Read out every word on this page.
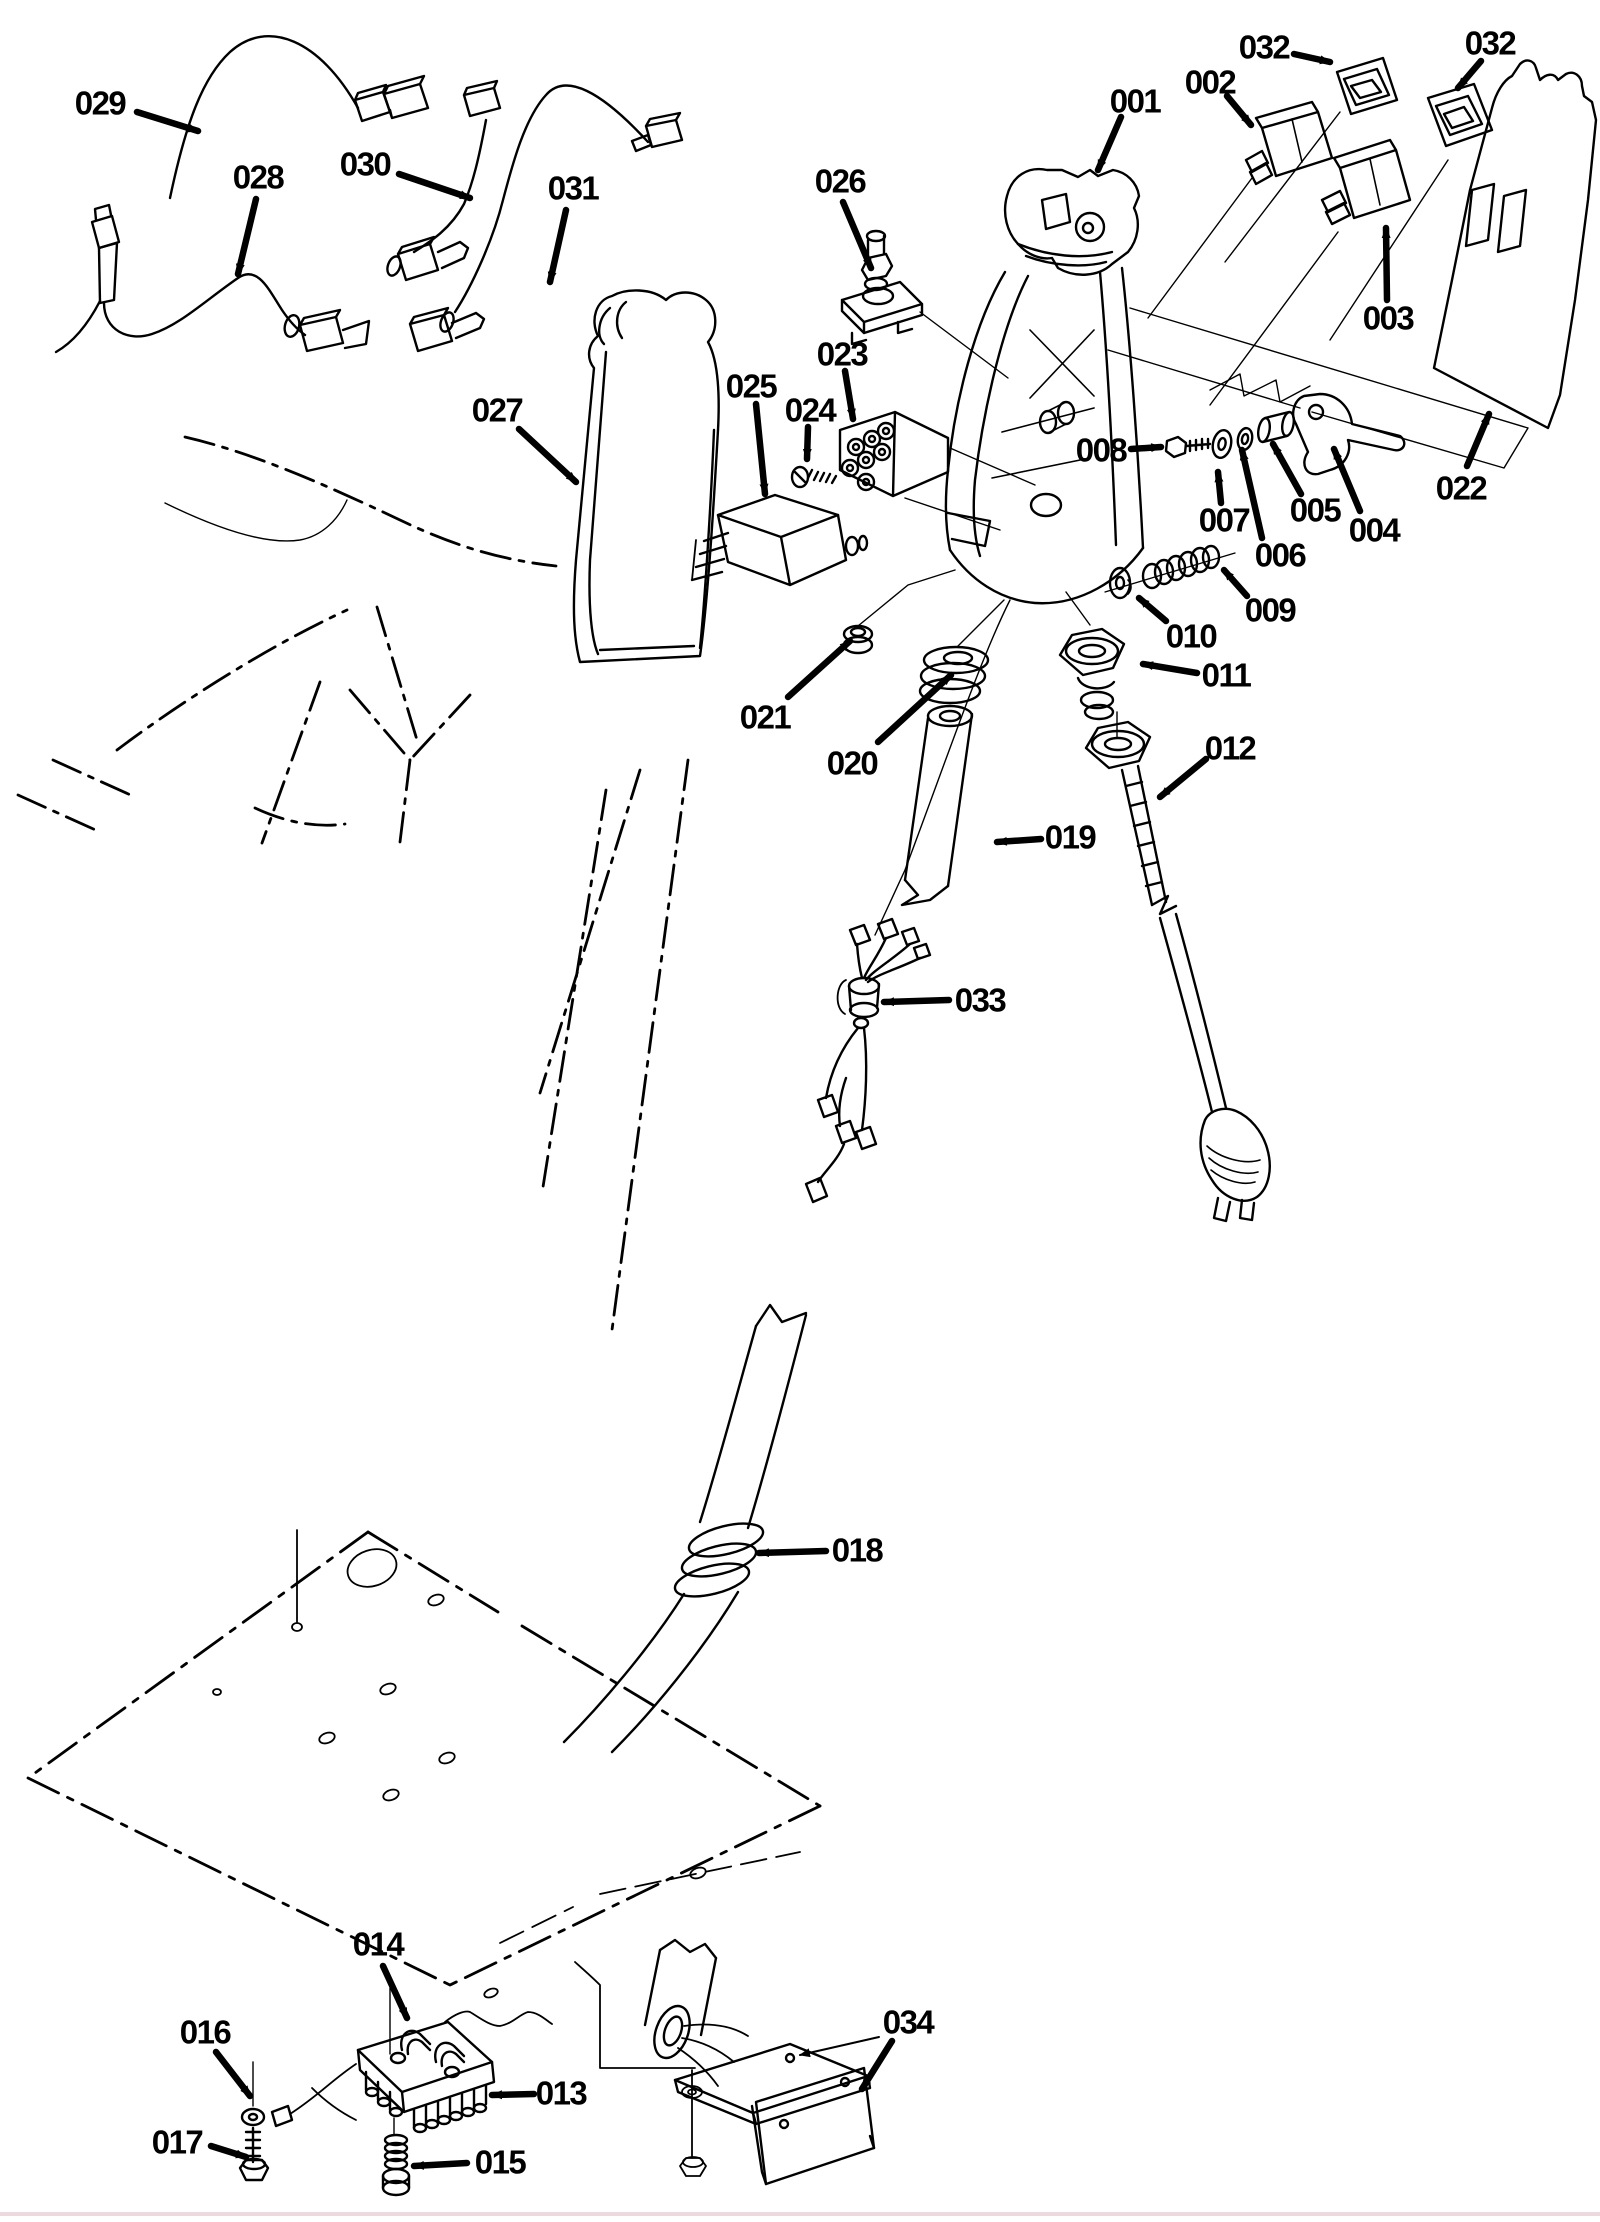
029
028 030
031	026
001
002
032	032
003
022
027
025
024
023
008
007
006
005
004
009
010
011
012
019
020
021
033
018
014
016
017
015
013
034
